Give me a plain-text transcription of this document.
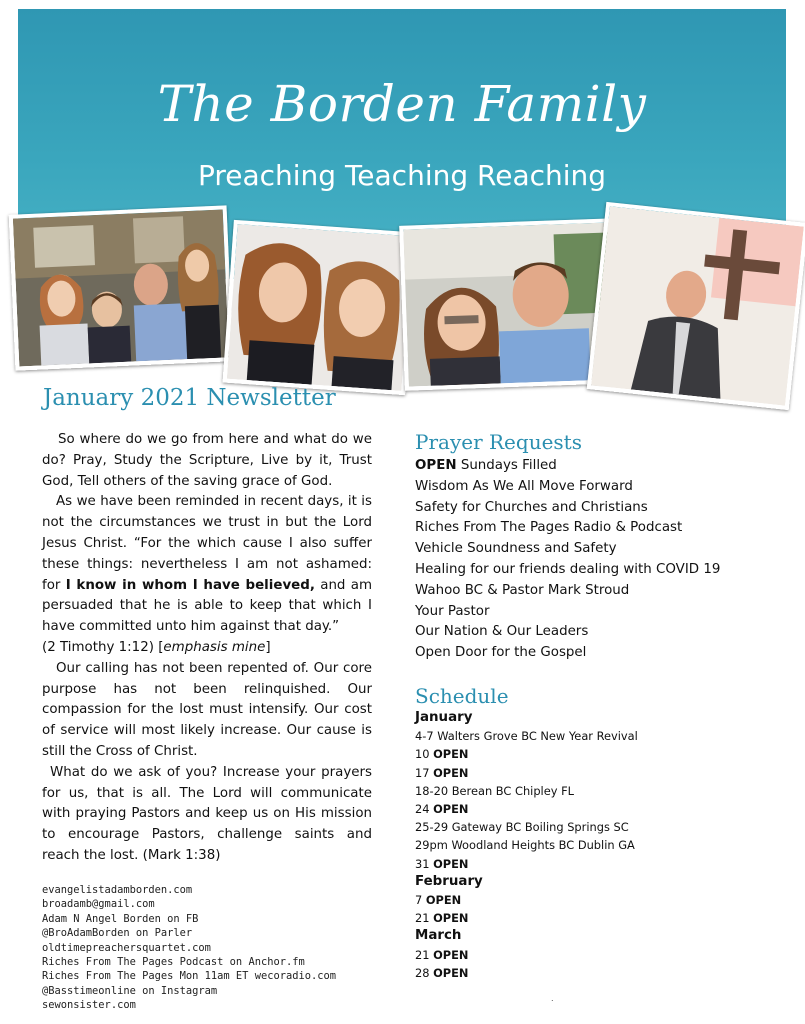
The Borden Family
Preaching Teaching Reaching
January 2021 Newsletter

So where do we go from here and what do we do? Pray, Study the Scripture, Live by it, Trust God, Tell others of the saving grace of God.

As we have been reminded in recent days, it is not the circumstances we trust in but the Lord Jesus Christ. “For the which cause I also suffer these things: nevertheless I am not ashamed: for I know in whom I have believed, and am persuaded that he is able to keep that which I have committed unto him against that day.”

(2 Timothy 1:12) [emphasis mine]

Our calling has not been repented of. Our core purpose has not been relinquished. Our compassion for the lost must intensify. Our cost of service will most likely increase. Our cause is still the Cross of Christ.

What do we ask of you? Increase your prayers for us, that is all. The Lord will communicate with praying Pastors and keep us on His mission to encourage Pastors, challenge saints and reach the lost. (Mark 1:38)

evangelistadamborden.com
broadamb@gmail.com
Adam N Angel Borden on FB
@BroAdamBorden on Parler
oldtimepreachersquartet.com
Riches From The Pages Podcast on Anchor.fm
Riches From The Pages Mon 11am ET wecoradio.com
@Basstimeonline on Instagram
sewonsister.com
Prayer Requests
OPEN Sundays Filled
Wisdom As We All Move Forward
Safety for Churches and Christians
Riches From The Pages Radio & Podcast
Vehicle Soundness and Safety
Healing for our friends dealing with COVID 19
Wahoo BC & Pastor Mark Stroud
Your Pastor
Our Nation & Our Leaders
Open Door for the Gospel
Schedule
January
4-7 Walters Grove BC New Year Revival
10 OPEN
17 OPEN
18-20 Berean BC Chipley FL
24 OPEN
25-29 Gateway BC Boiling Springs SC
29pm Woodland Heights BC Dublin GA
31 OPEN
February
7 OPEN
21 OPEN
March
21 OPEN
28 OPEN
.
